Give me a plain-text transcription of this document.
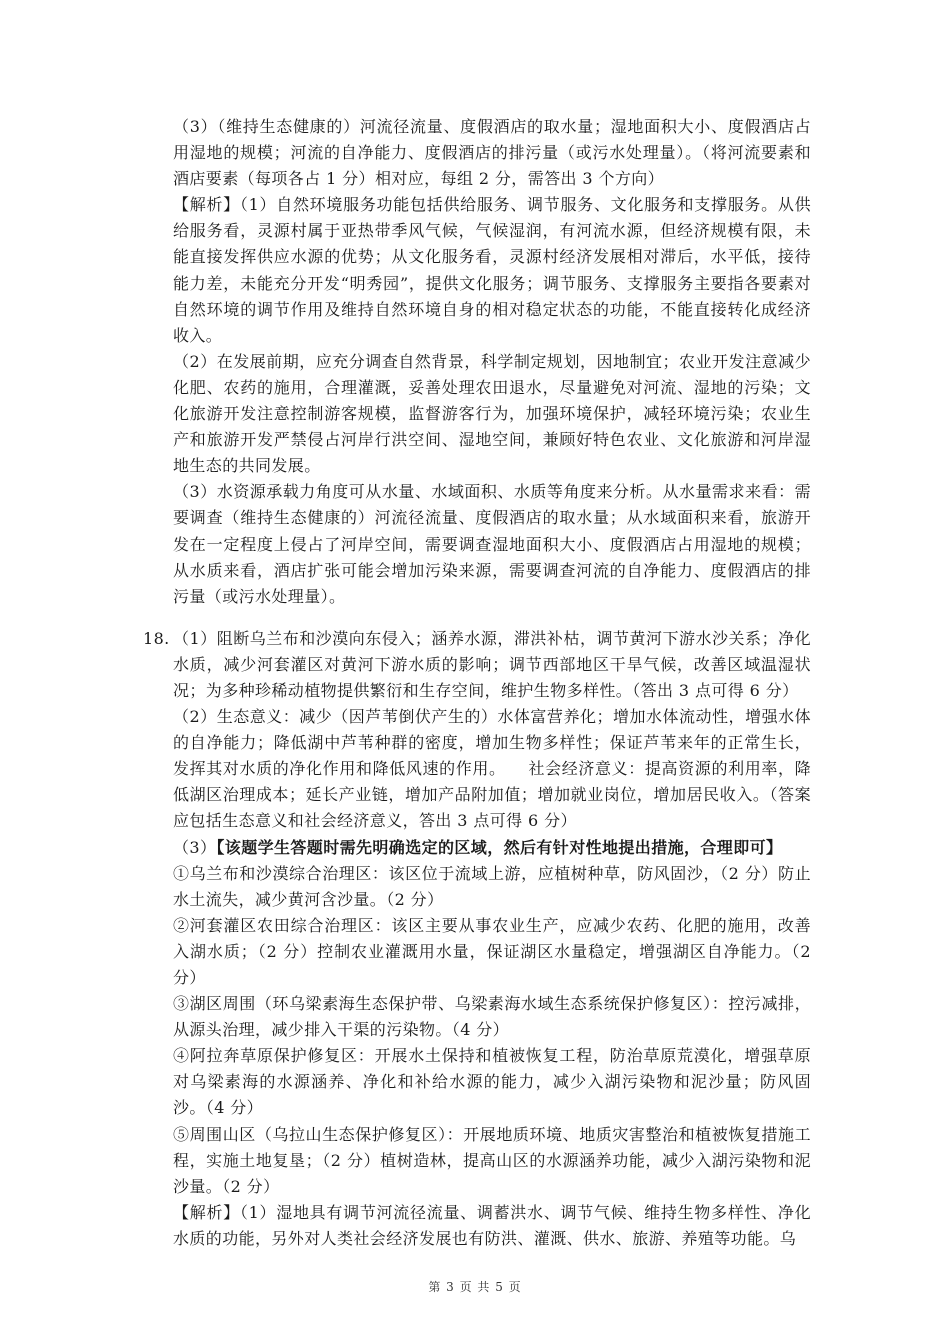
（3）（维持生态健康的）河流径流量、度假酒店的取水量；湿地面积大小、度假酒店占用湿地的规模；河流的自净能力、度假酒店的排污量（或污水处理量）。（将河流要素和酒店要素（每项各占 1 分）相对应，每组 2 分，需答出 3 个方向）

【解析】（1）自然环境服务功能包括供给服务、调节服务、文化服务和支撑服务。从供给服务看，灵源村属于亚热带季风气候，气候湿润，有河流水源，但经济规模有限，未能直接发挥供应水源的优势；从文化服务看，灵源村经济发展相对滞后，水平低，接待能力差，未能充分开发“明秀园”，提供文化服务；调节服务、支撑服务主要指各要素对自然环境的调节作用及维持自然环境自身的相对稳定状态的功能，不能直接转化成经济收入。

（2）在发展前期，应充分调查自然背景，科学制定规划，因地制宜；农业开发注意减少化肥、农药的施用，合理灌溉，妥善处理农田退水，尽量避免对河流、湿地的污染；文化旅游开发注意控制游客规模，监督游客行为，加强环境保护，减轻环境污染；农业生产和旅游开发严禁侵占河岸行洪空间、湿地空间，兼顾好特色农业、文化旅游和河岸湿地生态的共同发展。

（3）水资源承载力角度可从水量、水域面积、水质等角度来分析。从水量需求来看：需要调查（维持生态健康的）河流径流量、度假酒店的取水量；从水域面积来看，旅游开发在一定程度上侵占了河岸空间，需要调查湿地面积大小、度假酒店占用湿地的规模；从水质来看，酒店扩张可能会增加污染来源，需要调查河流的自净能力、度假酒店的排污量（或污水处理量）。

18. （1）阻断乌兰布和沙漠向东侵入；涵养水源，滞洪补枯，调节黄河下游水沙关系；净化水质，减少河套灌区对黄河下游水质的影响；调节西部地区干旱气候，改善区域温湿状况；为多种珍稀动植物提供繁衍和生存空间，维护生物多样性。（答出 3 点可得 6 分）

（2）生态意义：减少（因芦苇倒伏产生的）水体富营养化；增加水体流动性，增强水体的自净能力；降低湖中芦苇种群的密度，增加生物多样性；保证芦苇来年的正常生长，发挥其对水质的净化作用和降低风速的作用。    社会经济意义：提高资源的利用率，降低湖区治理成本；延长产业链，增加产品附加值；增加就业岗位，增加居民收入。（答案应包括生态意义和社会经济意义，答出 3 点可得 6 分）

（3）【该题学生答题时需先明确选定的区域，然后有针对性地提出措施，合理即可】

①乌兰布和沙漠综合治理区：该区位于流域上游，应植树种草，防风固沙，（2 分）防止水土流失，减少黄河含沙量。（2 分）

②河套灌区农田综合治理区：该区主要从事农业生产，应减少农药、化肥的施用，改善入湖水质；（2 分）控制农业灌溉用水量，保证湖区水量稳定，增强湖区自净能力。（2 分）

③湖区周围（环乌梁素海生态保护带、乌梁素海水域生态系统保护修复区）：控污减排，从源头治理，减少排入干渠的污染物。（4 分）

④阿拉奔草原保护修复区：开展水土保持和植被恢复工程，防治草原荒漠化，增强草原对乌梁素海的水源涵养、净化和补给水源的能力，减少入湖污染物和泥沙量；防风固沙。（4 分）

⑤周围山区（乌拉山生态保护修复区）：开展地质环境、地质灾害整治和植被恢复措施工程，实施土地复垦；（2 分）植树造林，提高山区的水源涵养功能，减少入湖污染物和泥沙量。（2 分）

【解析】（1）湿地具有调节河流径流量、调蓄洪水、调节气候、维持生物多样性、净化水质的功能，另外对人类社会经济发展也有防洪、灌溉、供水、旅游、养殖等功能。乌

第 3 页 共 5 页
